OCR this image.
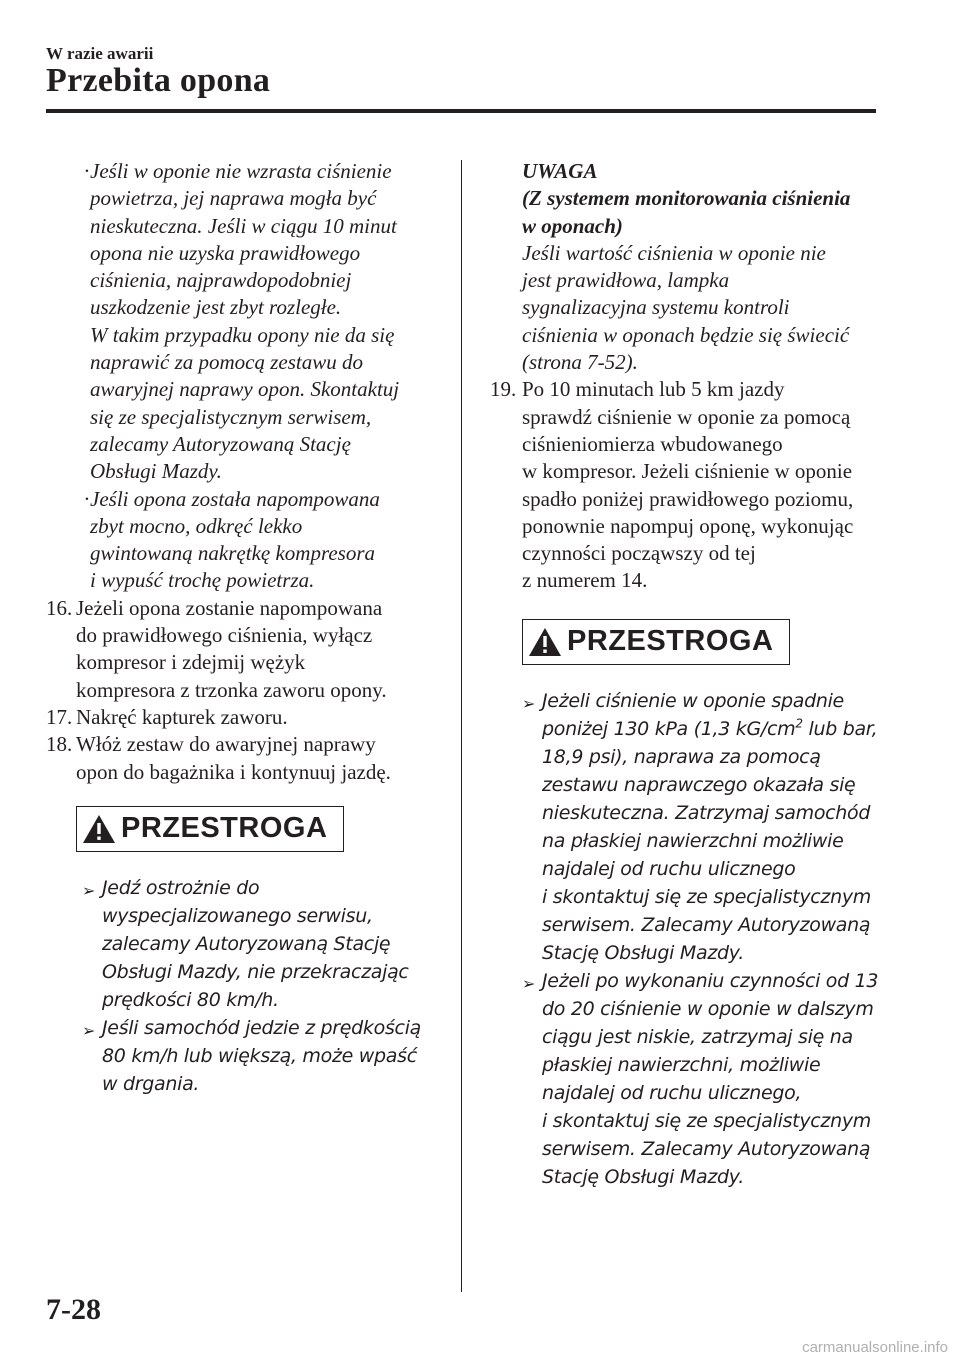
W razie awarii
Przebita opona
· Jeśli w oponie nie wzrasta ciśnienie
powietrza, jej naprawa mogła być
nieskuteczna. Jeśli w ciągu 10 minut
opona nie uzyska prawidłowego
ciśnienia, najprawdopodobniej
uszkodzenie jest zbyt rozległe.
W takim przypadku opony nie da się
naprawić za pomocą zestawu do
awaryjnej naprawy opon. Skontaktuj
się ze specjalistycznym serwisem,
zalecamy Autoryzowaną Stację
Obsługi Mazdy.
· Jeśli opona została napompowana
zbyt mocno, odkręć lekko
gwintowaną nakrętkę kompresora
i wypuść trochę powietrza.
16. Jeżeli opona zostanie napompowana
do prawidłowego ciśnienia, wyłącz
kompresor i zdejmij wężyk
kompresora z trzonka zaworu opony.
17. Nakręć kapturek zaworu.
18. Włóż zestaw do awaryjnej naprawy
opon do bagażnika i kontynuuj jazdę.
PRZESTROGA
➢ Jedź ostrożnie do
wyspecjalizowanego serwisu,
zalecamy Autoryzowaną Stację
Obsługi Mazdy, nie przekraczając
prędkości 80 km/h.
➢ Jeśli samochód jedzie z prędkością
80 km/h lub większą, może wpaść
w drgania.
UWAGA
(Z systemem monitorowania ciśnienia
w oponach)
Jeśli wartość ciśnienia w oponie nie
jest prawidłowa, lampka
sygnalizacyjna systemu kontroli
ciśnienia w oponach będzie się świecić
(strona 7-52).
19. Po 10 minutach lub 5 km jazdy
sprawdź ciśnienie w oponie za pomocą
ciśnieniomierza wbudowanego
w kompresor. Jeżeli ciśnienie w oponie
spadło poniżej prawidłowego poziomu,
ponownie napompuj oponę, wykonując
czynności począwszy od tej
z numerem 14.
PRZESTROGA
➢ Jeżeli ciśnienie w oponie spadnie
poniżej 130 kPa (1,3 $kG/cm^2$ lub bar,
18,9 psi), naprawa za pomocą
zestawu naprawczego okazała się
nieskuteczna. Zatrzymaj samochód
na płaskiej nawierzchni możliwie
najdalej od ruchu ulicznego
i skontaktuj się ze specjalistycznym
serwisem. Zalecamy Autoryzowaną
Stację Obsługi Mazdy.
➢ Jeżeli po wykonaniu czynności od 13
do 20 ciśnienie w oponie w dalszym
ciągu jest niskie, zatrzymaj się na
płaskiej nawierzchni, możliwie
najdalej od ruchu ulicznego,
i skontaktuj się ze specjalistycznym
serwisem. Zalecamy Autoryzowaną
Stację Obsługi Mazdy.
7-28
carmanualsonline.info
